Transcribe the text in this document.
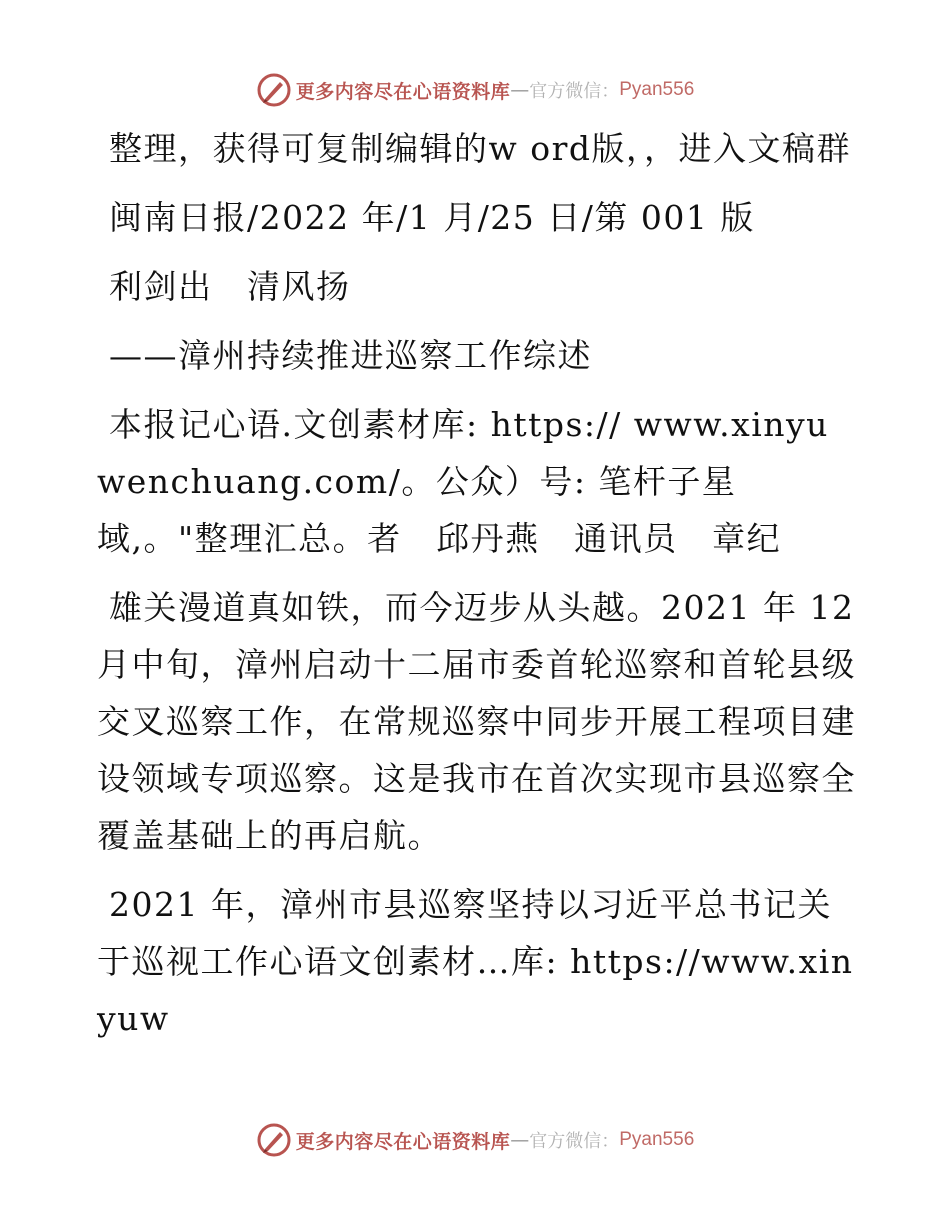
更多内容尽在心语资料库 — 官方微信： Pyan556

整理，获得可复制编辑的w ord版，，进入文稿群

闽南日报/2022 年/1 月/25 日/第 001 版

利剑出　清风扬

——漳州持续推进巡察工作综述

本报记心语.文创素材库: https:// www.xinyuwenchuang.com/。公众）号: 笔杆子星域,。"整理汇总。者　邱丹燕　通讯员　章纪

雄关漫道真如铁，而今迈步从头越。2021 年 12 月中旬，漳州启动十二届市委首轮巡察和首轮县级交叉巡察工作，在常规巡察中同步开展工程项目建设领域专项巡察。这是我市在首次实现市县巡察全覆盖基础上的再启航。

2021 年，漳州市县巡察坚持以习近平总书记关于巡视工作心语文创素材…库: https://www.xinyuw

更多内容尽在心语资料库 — 官方微信： Pyan556
